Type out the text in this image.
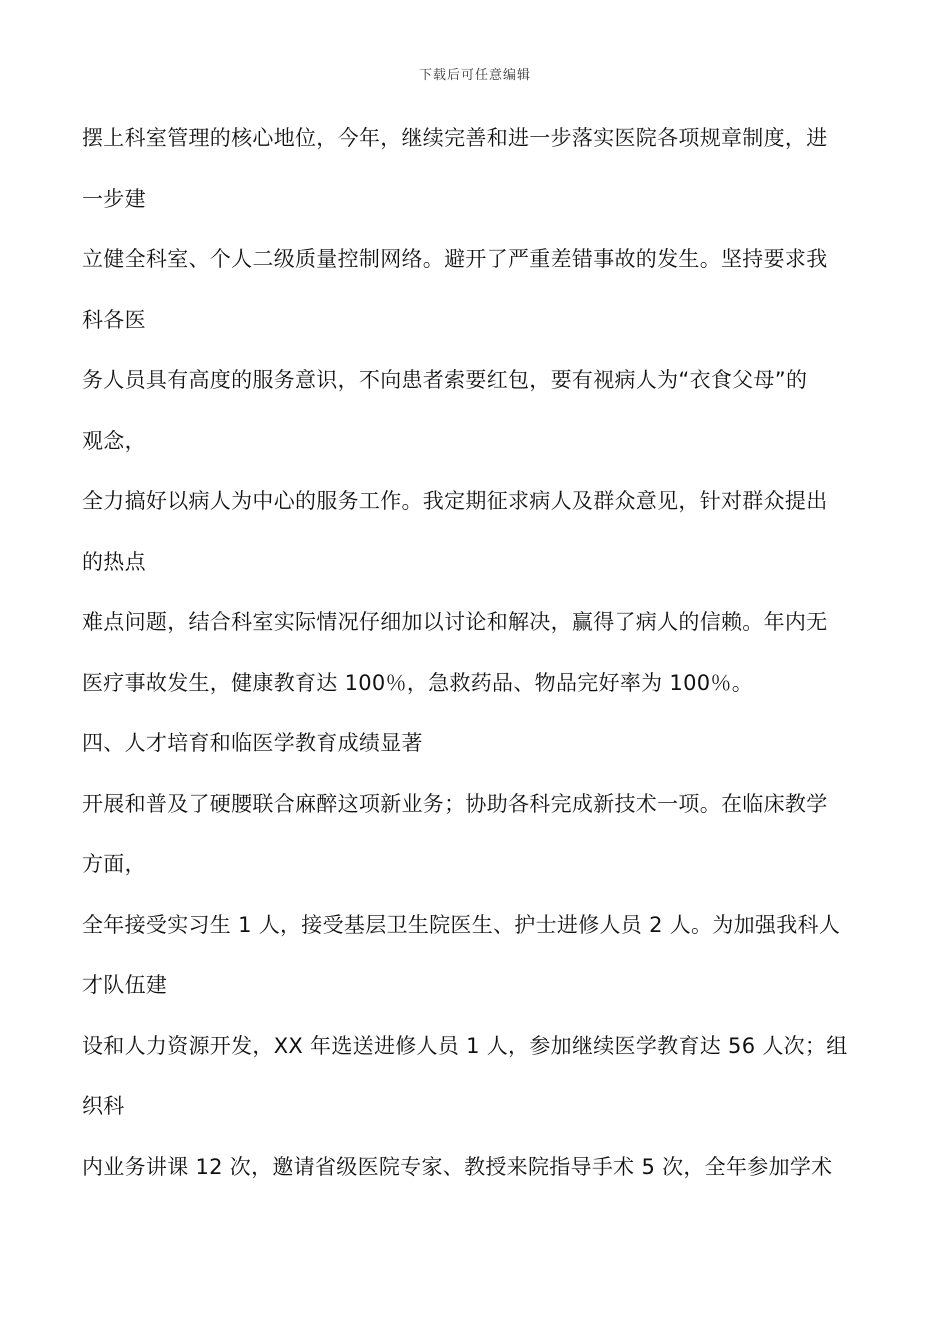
下载后可任意编辑
摆上科室管理的核心地位，今年，继续完善和进一步落实医院各项规章制度，进
一步建
立健全科室、个人二级质量控制网络。避开了严重差错事故的发生。坚持要求我
科各医
务人员具有高度的服务意识，不向患者索要红包，要有视病人为“衣食父母”的
观念，
全力搞好以病人为中心的服务工作。我定期征求病人及群众意见，针对群众提出
的热点
难点问题，结合科室实际情况仔细加以讨论和解决，赢得了病人的信赖。年内无
医疗事故发生，健康教育达 100％，急救药品、物品完好率为 100％。
四、人才培育和临医学教育成绩显著
开展和普及了硬腰联合麻醉这项新业务；协助各科完成新技术一项。在临床教学
方面，
全年接受实习生 1 人，接受基层卫生院医生、护士进修人员 2 人。为加强我科人
才队伍建
设和人力资源开发，XX 年选送进修人员 1 人，参加继续医学教育达 56 人次；组
织科
内业务讲课 12 次，邀请省级医院专家、教授来院指导手术 5 次，全年参加学术
